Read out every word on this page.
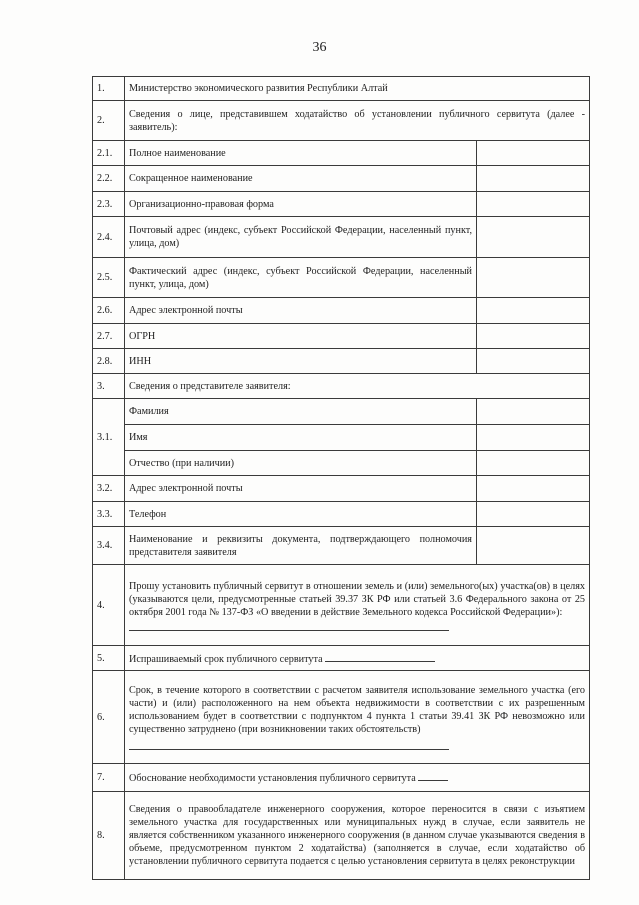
36
1.	Министерство экономического развития Республики Алтай	
2.	Сведения о лице, представившем ходатайство об установлении публичного сервитута (далее - заявитель):	
2.1.	Полное наименование	
2.2.	Сокращенное наименование	
2.3.	Организационно-правовая форма	
2.4.	Почтовый адрес (индекс, субъект Российской Федерации, населенный пункт, улица, дом)	
2.5.	Фактический адрес (индекс, субъект Российской Федерации, населенный пункт, улица, дом)	
2.6.	Адрес электронной почты	
2.7.	ОГРН	
2.8.	ИНН	
3.	Сведения о представителе заявителя:	
3.1.	Фамилия	
	Имя	
	Отчество (при наличии)	
3.2.	Адрес электронной почты	
3.3.	Телефон	
3.4.	Наименование и реквизиты документа, подтверждающего полномочия представителя заявителя	
4.	Прошу установить публичный сервитут в отношении земель и (или) земельного(ых) участка(ов) в целях (указываются цели, предусмотренные статьей 39.37 ЗК РФ или статьей 3.6 Федерального закона от 25 октября 2001 года № 137-ФЗ «О введении в действие Земельного кодекса Российской Федерации»):	

5.	Испрашиваемый срок публичного сервитута	
6.	Срок, в течение которого в соответствии с расчетом заявителя использование земельного участка (его части) и (или) расположенного на нем объекта недвижимости в соответствии с их разрешенным использованием будет в соответствии с подпунктом 4 пункта 1 статьи 39.41 ЗК РФ невозможно или существенно затруднено (при возникновении таких обстоятельств)	

7.	Обоснование необходимости установления публичного сервитута	
8.	Сведения о правообладателе инженерного сооружения, которое переносится в связи с изъятием земельного участка для государственных или муниципальных нужд в случае, если заявитель не является собственником указанного инженерного сооружения (в данном случае указываются сведения в объеме, предусмотренном пунктом 2 ходатайства) (заполняется в случае, если ходатайство об установлении публичного сервитута подается с целью установления сервитута в целях реконструкции	
